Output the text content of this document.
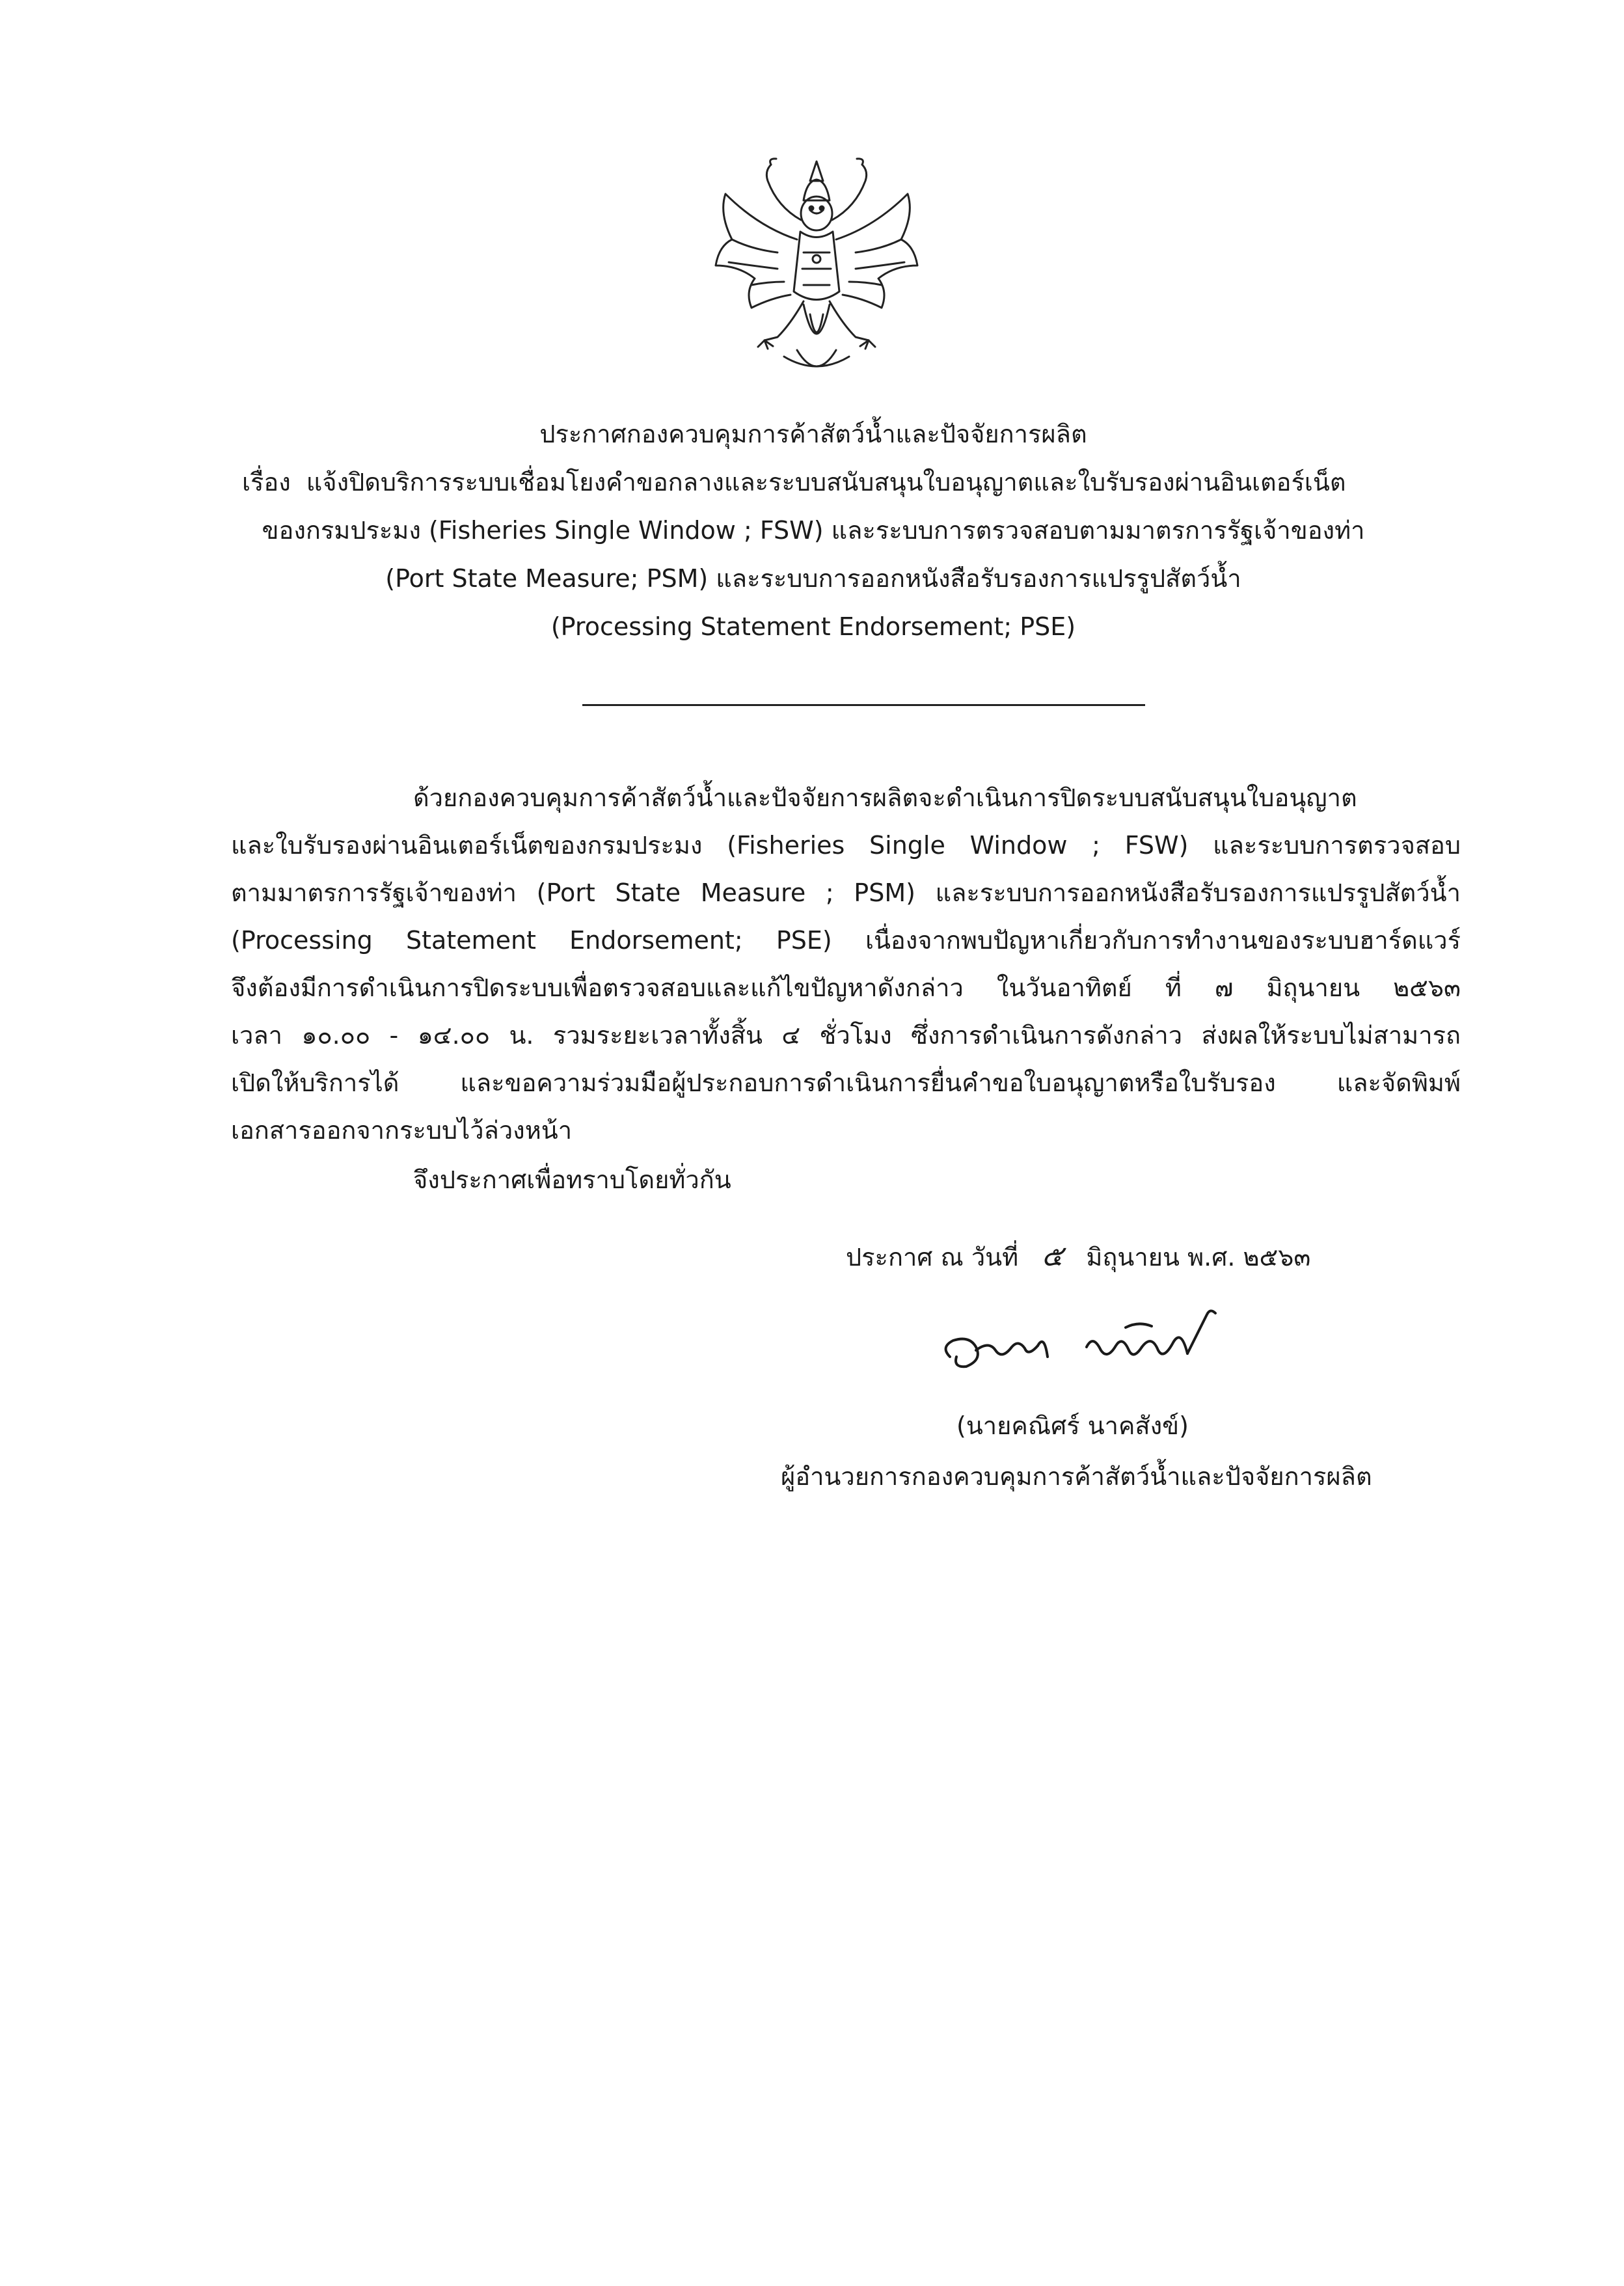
ประกาศกองควบคุมการค้าสัตว์น้ำและปัจจัยการผลิต
เรื่อง แจ้งปิดบริการระบบเชื่อมโยงคำขอกลางและระบบสนับสนุนใบอนุญาตและใบรับรองผ่านอินเตอร์เน็ต
ของกรมประมง (Fisheries Single Window ; FSW) และระบบการตรวจสอบตามมาตรการรัฐเจ้าของท่า
(Port State Measure; PSM) และระบบการออกหนังสือรับรองการแปรรูปสัตว์น้ำ
(Processing Statement Endorsement; PSE)
ด้วยกองควบคุมการค้าสัตว์น้ำและปัจจัยการผลิตจะดำเนินการปิดระบบสนับสนุนใบอนุญาต
และใบรับรองผ่านอินเตอร์เน็ตของกรมประมง (Fisheries Single Window ; FSW) และระบบการตรวจสอบ
ตามมาตรการรัฐเจ้าของท่า (Port State Measure ; PSM) และระบบการออกหนังสือรับรองการแปรรูปสัตว์น้ำ
(Processing Statement Endorsement; PSE) เนื่องจากพบปัญหาเกี่ยวกับการทำงานของระบบฮาร์ดแวร์
จึงต้องมีการดำเนินการปิดระบบเพื่อตรวจสอบและแก้ไขปัญหาดังกล่าว ในวันอาทิตย์ ที่ ๗ มิถุนายน ๒๕๖๓
เวลา ๑๐.๐๐ - ๑๔.๐๐ น. รวมระยะเวลาทั้งสิ้น ๔ ชั่วโมง ซึ่งการดำเนินการดังกล่าว ส่งผลให้ระบบไม่สามารถ
เปิดให้บริการได้ และขอความร่วมมือผู้ประกอบการดำเนินการยื่นคำขอใบอนุญาตหรือใบรับรอง และจัดพิมพ์
เอกสารออกจากระบบไว้ล่วงหน้า
จึงประกาศเพื่อทราบโดยทั่วกัน
ประกาศ ณ วันที่ ๕ มิถุนายน พ.ศ. ๒๕๖๓
(นายคณิศร์ นาคสังข์)
ผู้อำนวยการกองควบคุมการค้าสัตว์น้ำและปัจจัยการผลิต
